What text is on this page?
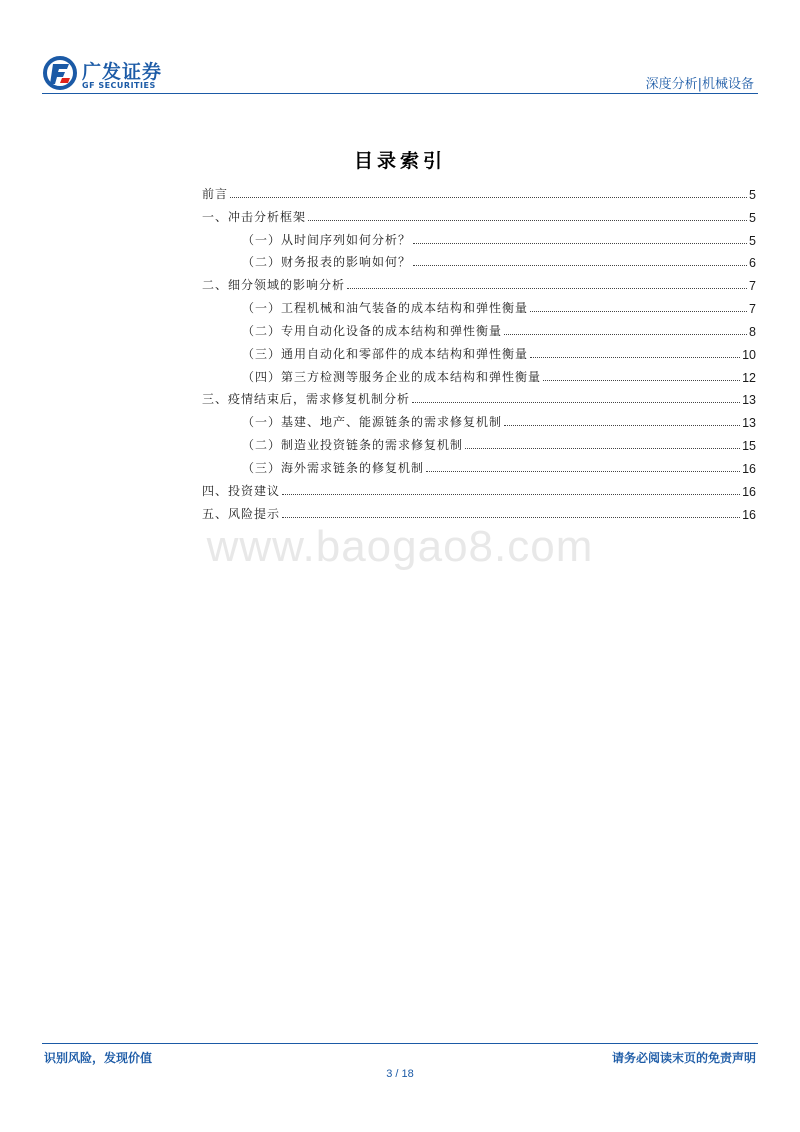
广发证券
GF SECURITIES	深度分析|机械设备
目录索引
前言	5
一、冲击分析框架	5
（一）从时间序列如何分析？	5
（二）财务报表的影响如何？	6
二、细分领域的影响分析	7
（一）工程机械和油气装备的成本结构和弹性衡量	7
（二）专用自动化设备的成本结构和弹性衡量	8
（三）通用自动化和零部件的成本结构和弹性衡量	10
（四）第三方检测等服务企业的成本结构和弹性衡量	12
三、疫情结束后，需求修复机制分析	13
（一）基建、地产、能源链条的需求修复机制	13
（二）制造业投资链条的需求修复机制	15
（三）海外需求链条的修复机制	16
四、投资建议	16
五、风险提示	16
www.baogao8.com
识别风险，发现价值	请务必阅读末页的免责声明
3 / 18
